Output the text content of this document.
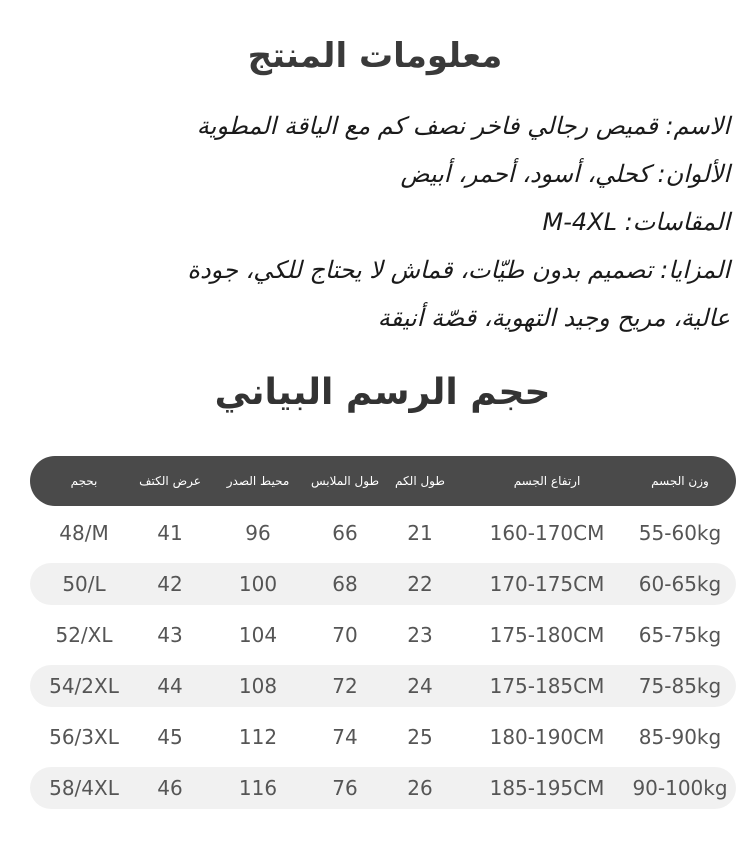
معلومات المنتج
الاسم: قميص رجالي فاخر نصف كم مع الياقة المطوية
الألوان: كحلي، أسود، أحمر، أبيض
المقاسات: M-4XL
المزايا: تصميم بدون طيّات، قماش لا يحتاج للكي، جودة
عالية، مريح وجيد التهوية، قصّة أنيقة
حجم الرسم البياني
بحجم	عرض الكتف	محيط الصدر	طول الملابس	طول الكم	ارتفاع الجسم	وزن الجسم
48/M	41	96	66	21	160-170CM	55-60kg
50/L	42	100	68	22	170-175CM	60-65kg
52/XL	43	104	70	23	175-180CM	65-75kg
54/2XL	44	108	72	24	175-185CM	75-85kg
56/3XL	45	112	74	25	180-190CM	85-90kg
58/4XL	46	116	76	26	185-195CM	90-100kg
